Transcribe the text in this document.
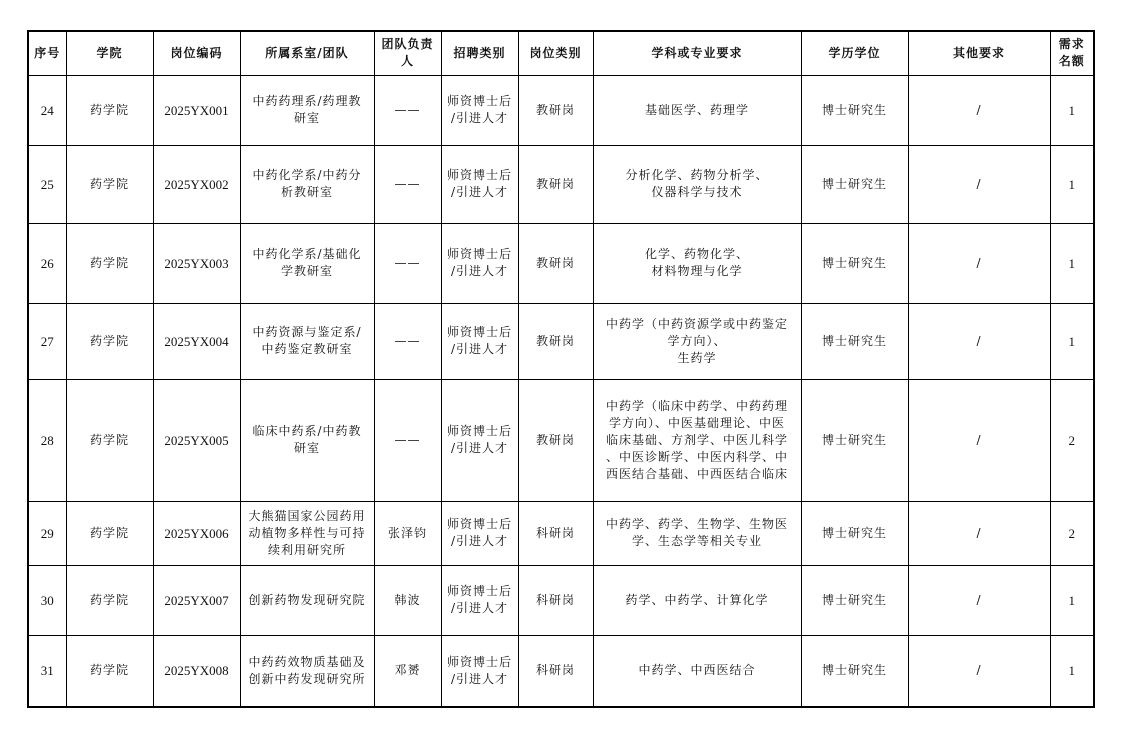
序号	学院	岗位编码	所属系室/团队	团队负责人	招聘类别	岗位类别	学科或专业要求	学历学位	其他要求	需求名额
24	药学院	2025YX001	中药药理系/药理教
研室	——	师资博士后
/引进人才	教研岗	基础医学、药理学	博士研究生	/	1
25	药学院	2025YX002	中药化学系/中药分
析教研室	——	师资博士后
/引进人才	教研岗	分析化学、药物分析学、
仪器科学与技术	博士研究生	/	1
26	药学院	2025YX003	中药化学系/基础化
学教研室	——	师资博士后
/引进人才	教研岗	化学、药物化学、
材料物理与化学	博士研究生	/	1
27	药学院	2025YX004	中药资源与鉴定系/
中药鉴定教研室	——	师资博士后
/引进人才	教研岗	中药学（中药资源学或中药鉴定
学方向）、
生药学	博士研究生	/	1
28	药学院	2025YX005	临床中药系/中药教
研室	——	师资博士后
/引进人才	教研岗	中药学（临床中药学、中药药理
学方向）、中医基础理论、中医
临床基础、方剂学、中医儿科学
、中医诊断学、中医内科学、中
西医结合基础、中西医结合临床	博士研究生	/	2
29	药学院	2025YX006	大熊猫国家公园药用
动植物多样性与可持
续利用研究所	张泽钧	师资博士后
/引进人才	科研岗	中药学、药学、生物学、生物医
学、生态学等相关专业	博士研究生	/	2
30	药学院	2025YX007	创新药物发现研究院	韩波	师资博士后
/引进人才	科研岗	药学、中药学、计算化学	博士研究生	/	1
31	药学院	2025YX008	中药药效物质基础及
创新中药发现研究所	邓赟	师资博士后
/引进人才	科研岗	中药学、中西医结合	博士研究生	/	1
